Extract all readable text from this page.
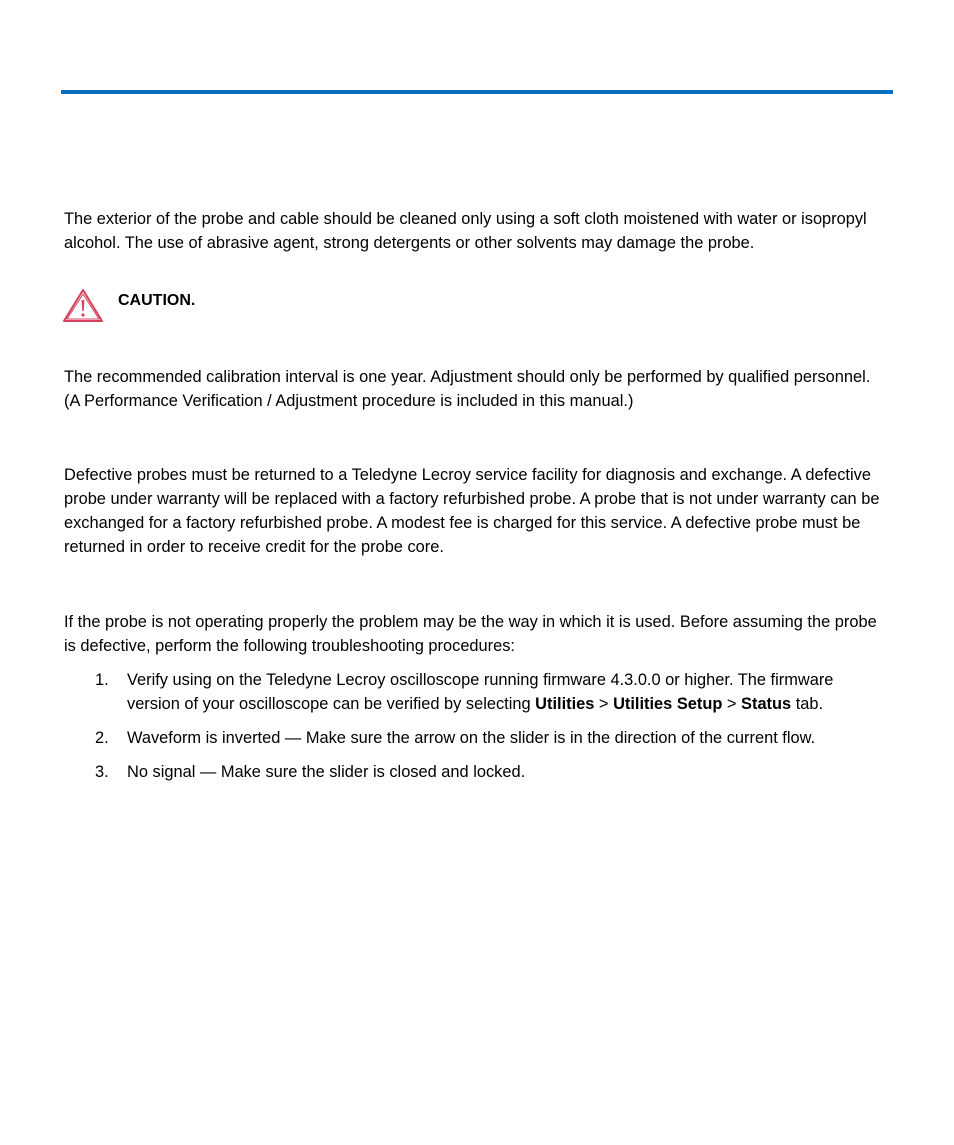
The exterior of the probe and cable should be cleaned only using a soft cloth moistened with water or isopropyl alcohol. The use of abrasive agent, strong detergents or other solvents may damage the probe.

CAUTION.

The recommended calibration interval is one year. Adjustment should only be performed by qualified personnel. (A Performance Verification / Adjustment procedure is included in this manual.)

Defective probes must be returned to a Teledyne Lecroy service facility for diagnosis and exchange. A defective probe under warranty will be replaced with a factory refurbished probe. A probe that is not under warranty can be exchanged for a factory refurbished probe. A modest fee is charged for this service. A defective probe must be returned in order to receive credit for the probe core.

If the probe is not operating properly the problem may be the way in which it is used. Before assuming the probe is defective, perform the following troubleshooting procedures:

1. Verify using on the Teledyne Lecroy oscilloscope running firmware 4.3.0.0 or higher. The firmware version of your oscilloscope can be verified by selecting Utilities > Utilities Setup > Status tab.
2. Waveform is inverted — Make sure the arrow on the slider is in the direction of the current flow.
3. No signal — Make sure the slider is closed and locked.
